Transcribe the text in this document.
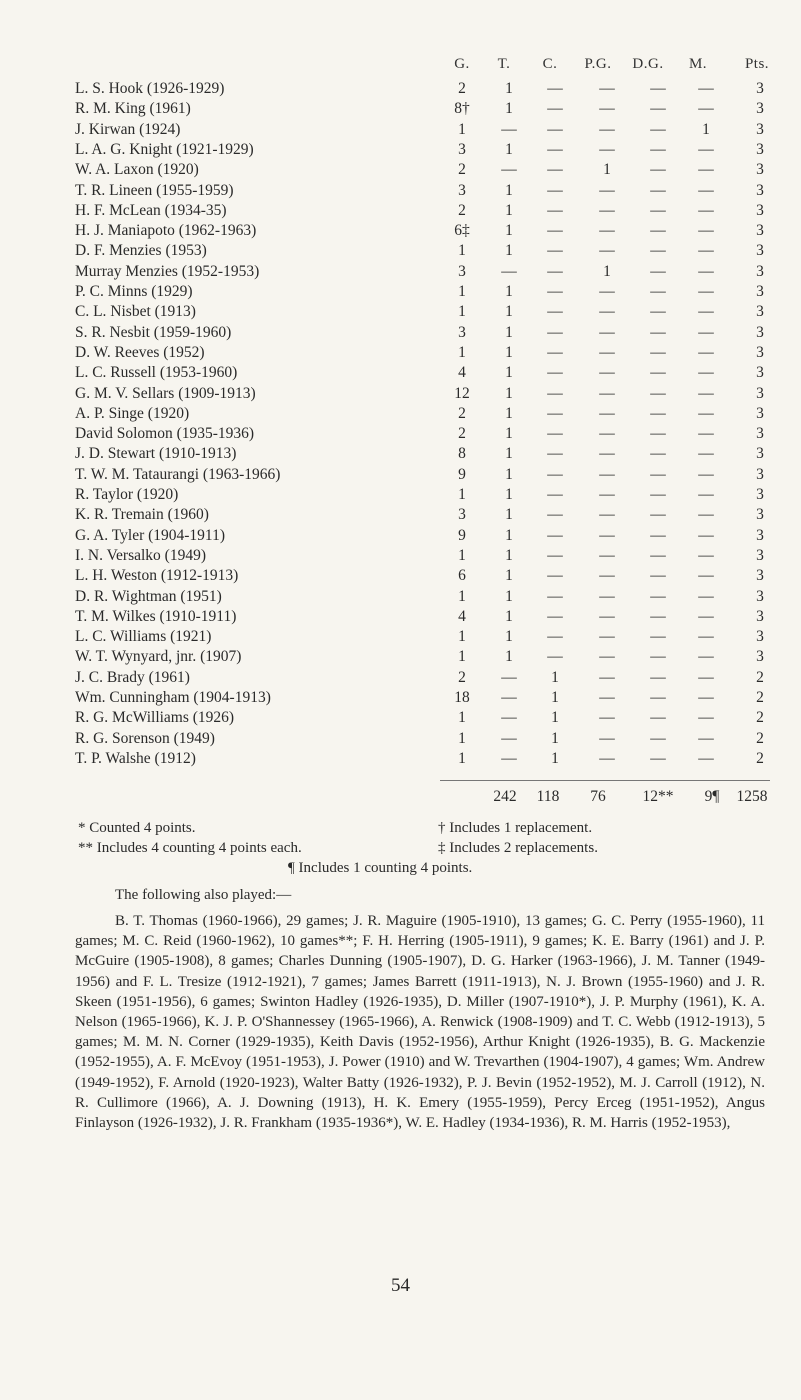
G. T. C. P.G. D.G. M.	Pts.
L. S. Hook (1926-1929)	2	1 — — — —	3
R. M. King (1961)	8† 1 — — — —	3
J. Kirwan (1924)	1 — — — — 1	3
L. A. G. Knight (1921-1929)	3	1 — — — —	3
W. A. Laxon (1920)	2 — —	1	— —	3
T. R. Lineen (1955-1959)	3	1 — — — —	3
H. F. McLean (1934-35)	2	1 — — — —	3
H. J. Maniapoto (1962-1963)	6‡ 1 — — — —	3
D. F. Menzies (1953)	1	1 — — — —	3
Murray Menzies (1952-1953)	3 — —	1	— —	3
P. C. Minns (1929)	1	1 — — — —	3
C. L. Nisbet (1913)	1	1 — — — —	3
S. R. Nesbit (1959-1960)	3	1 — — — —	3
D. W. Reeves (1952)	1	1 — — — —	3
L. C. Russell (1953-1960)	4	1 — — — —	3
G. M. V. Sellars (1909-1913)	12 1 — — — —	3
A. P. Singe (1920)	2	1 — — — —	3
David Solomon (1935-1936)	2	1 — — — —	3
J. D. Stewart (1910-1913)	8	1 — — — —	3
T. W. M. Tataurangi (1963-1966)	9	1 — — — —	3
R. Taylor (1920)	1	1 — — — —	3
K. R. Tremain (1960)	3	1 — — — —	3
G. A. Tyler (1904-1911)	9	1 — — — —	3
I. N. Versalko (1949)	1	1 — — — —	3
L. H. Weston (1912-1913)	6	1 — — — —	3
D. R. Wightman (1951)	1	1 — — — —	3
T. M. Wilkes (1910-1911)	4	1 — — — —	3
L. C. Williams (1921)	1	1 — — — —	3
W. T. Wynyard, jnr. (1907)	1	1 — — — —	3
J. C. Brady (1961)	2 — 1	— — —	2
Wm. Cunningham (1904-1913)	18 — 1	— — —	2
R. G. McWilliams (1926)	1 — 1	— — —	2
R. G. Sorenson (1949)	1 — 1	— — —	2
T. P. Walshe (1912)	1 — 1	— — —	2
242 118 76 12** 9¶ 1258
* Counted 4 points.	† Includes 1 replacement.
** Includes 4 counting 4 points each.	‡ Includes 2 replacements.
¶ Includes 1 counting 4 points.
The following also played:—

B. T. Thomas (1960-1966), 29 games; J. R. Maguire (1905-1910), 13 games; G. C. Perry (1955-1960), 11 games; M. C. Reid (1960-1962), 10 games**; F. H. Herring (1905-1911), 9 games; K. E. Barry (1961) and J. P. McGuire (1905-1908), 8 games; Charles Dunning (1905-1907), D. G. Harker (1963-1966), J. M. Tanner (1949-1956) and F. L. Tresize (1912-1921), 7 games; James Barrett (1911-1913), N. J. Brown (1955-1960) and J. R. Skeen (1951-1956), 6 games; Swinton Hadley (1926-1935), D. Miller (1907-1910*), J. P. Murphy (1961), K. A. Nelson (1965-1966), K. J. P. O'Shannessey (1965-1966), A. Renwick (1908-1909) and T. C. Webb (1912-1913), 5 games; M. M. N. Corner (1929-1935), Keith Davis (1952-1956), Arthur Knight (1926-1935), B. G. Mackenzie (1952-1955), A. F. McEvoy (1951-1953), J. Power (1910) and W. Trevarthen (1904-1907), 4 games; Wm. Andrew (1949-1952), F. Arnold (1920-1923), Walter Batty (1926-1932), P. J. Bevin (1952-1952), M. J. Carroll (1912), N. R. Cullimore (1966), A. J. Downing (1913), H. K. Emery (1955-1959), Percy Erceg (1951-1952), Angus Finlayson (1926-1932), J. R. Frankham (1935-1936*), W. E. Hadley (1934-1936), R. M. Harris (1952-1953),

54
